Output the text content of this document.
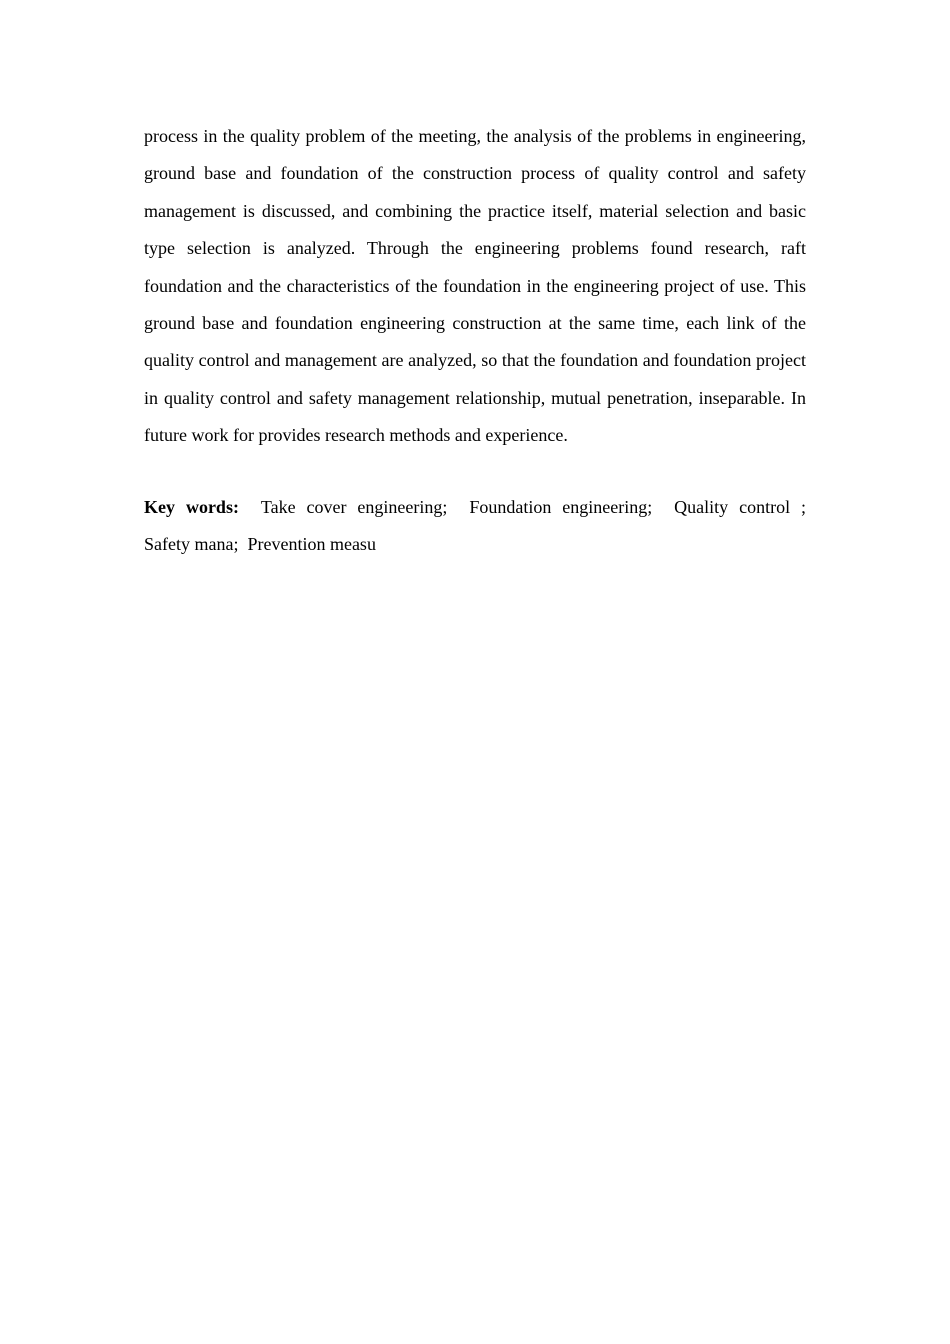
process in the quality problem of the meeting, the analysis of the problems in engineering, ground base and foundation of the construction process of quality control and safety management is discussed, and combining the practice itself, material selection and basic type selection is analyzed. Through the engineering problems found research, raft foundation and the characteristics of the foundation in the engineering project of use. This ground base and foundation engineering construction at the same time, each link of the quality control and management are analyzed, so that the foundation and foundation project in quality control and safety management relationship, mutual penetration, inseparable. In future work for provides research methods and experience.

Key words: Take cover engineering; Foundation engineering; Quality control ; Safety mana; Prevention measu
